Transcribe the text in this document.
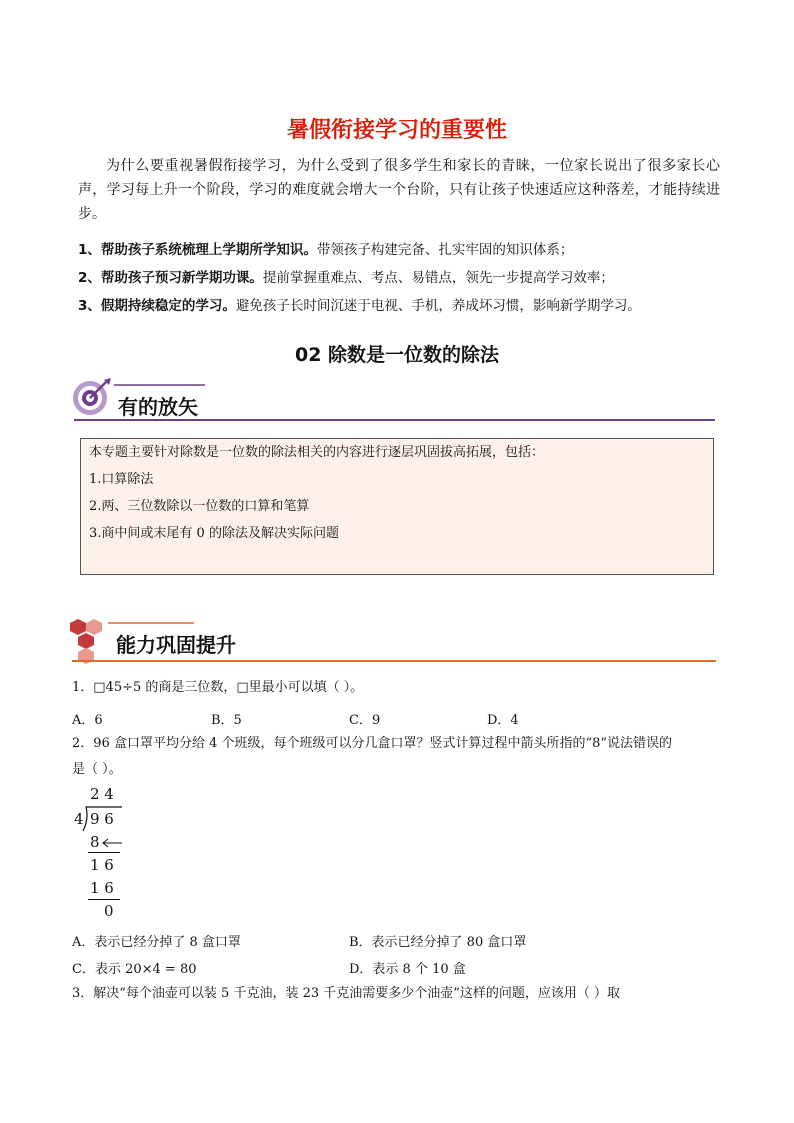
暑假衔接学习的重要性
为什么要重视暑假衔接学习，为什么受到了很多学生和家长的青睐，一位家长说出了很多家长心声，学习每上升一个阶段，学习的难度就会增大一个台阶，只有让孩子快速适应这种落差，才能持续进步。
1、帮助孩子系统梳理上学期所学知识。带领孩子构建完备、扎实牢固的知识体系；
2、帮助孩子预习新学期功课。提前掌握重难点、考点、易错点，领先一步提高学习效率；
3、假期持续稳定的学习。避免孩子长时间沉迷于电视、手机，养成坏习惯，影响新学期学习。
02 除数是一位数的除法
有的放矢
本专题主要针对除数是一位数的除法相关的内容进行逐层巩固拔高拓展，包括：
1.口算除法
2.两、三位数除以一位数的口算和笔算
3.商中间或末尾有 0 的除法及解决实际问题
能力巩固提升
1．□45÷5 的商是三位数，□里最小可以填（ ）。
A．6	B．5	C．9	D．4
2．96 盒口罩平均分给 4 个班级，每个班级可以分几盒口罩？竖式计算过程中箭头所指的“8”说法错误的
是（ ）。
2 4
4 9 6
8
1 6
1 6
0
A．表示已经分掉了 8 盒口罩	B．表示已经分掉了 80 盒口罩
C．表示 20×4 = 80	D．表示 8 个 10 盒
3．解决“每个油壶可以装 5 千克油，装 23 千克油需要多少个油壶”这样的问题，应该用（ ）取
